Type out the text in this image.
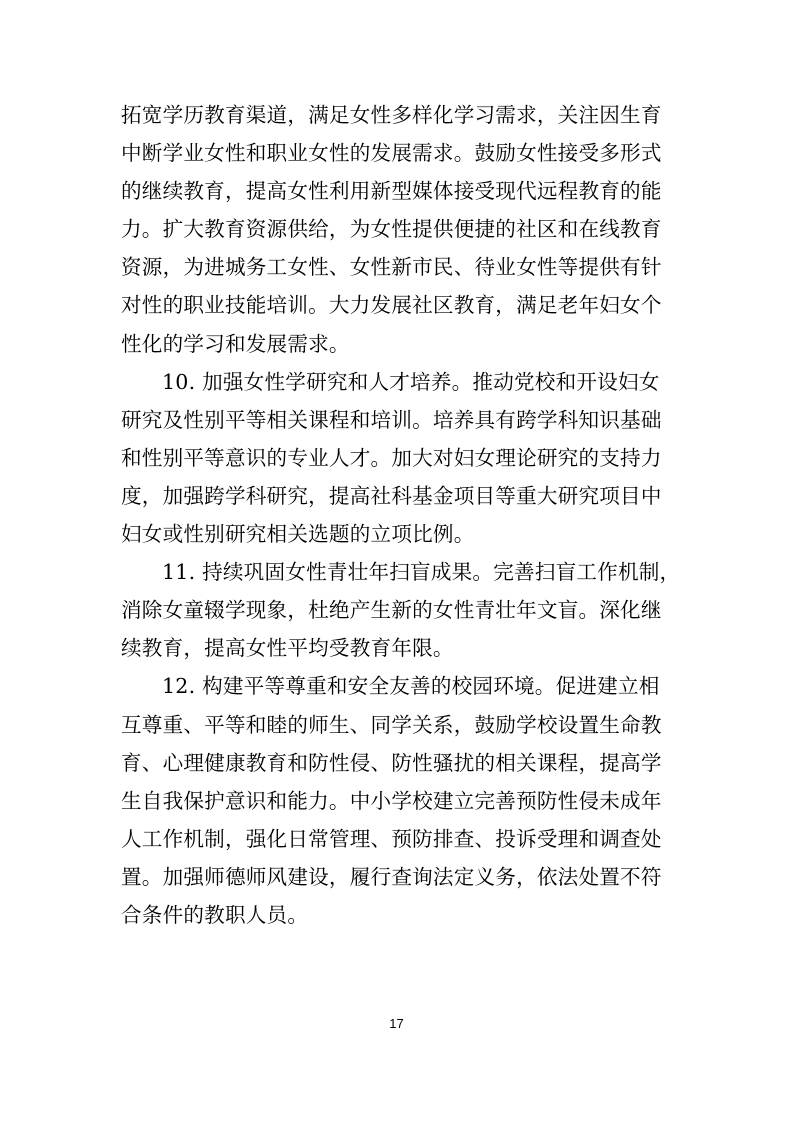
拓宽学历教育渠道，满足女性多样化学习需求，关注因生育
中断学业女性和职业女性的发展需求。鼓励女性接受多形式
的继续教育，提高女性利用新型媒体接受现代远程教育的能
力。扩大教育资源供给，为女性提供便捷的社区和在线教育
资源，为进城务工女性、女性新市民、待业女性等提供有针
对性的职业技能培训。大力发展社区教育，满足老年妇女个
性化的学习和发展需求。
10. 加强女性学研究和人才培养。推动党校和开设妇女
研究及性别平等相关课程和培训。培养具有跨学科知识基础
和性别平等意识的专业人才。加大对妇女理论研究的支持力
度，加强跨学科研究，提高社科基金项目等重大研究项目中
妇女或性别研究相关选题的立项比例。
11. 持续巩固女性青壮年扫盲成果。完善扫盲工作机制，
消除女童辍学现象，杜绝产生新的女性青壮年文盲。深化继
续教育，提高女性平均受教育年限。
12. 构建平等尊重和安全友善的校园环境。促进建立相
互尊重、平等和睦的师生、同学关系，鼓励学校设置生命教
育、心理健康教育和防性侵、防性骚扰的相关课程，提高学
生自我保护意识和能力。中小学校建立完善预防性侵未成年
人工作机制，强化日常管理、预防排查、投诉受理和调查处
置。加强师德师风建设，履行查询法定义务，依法处置不符
合条件的教职人员。
17
